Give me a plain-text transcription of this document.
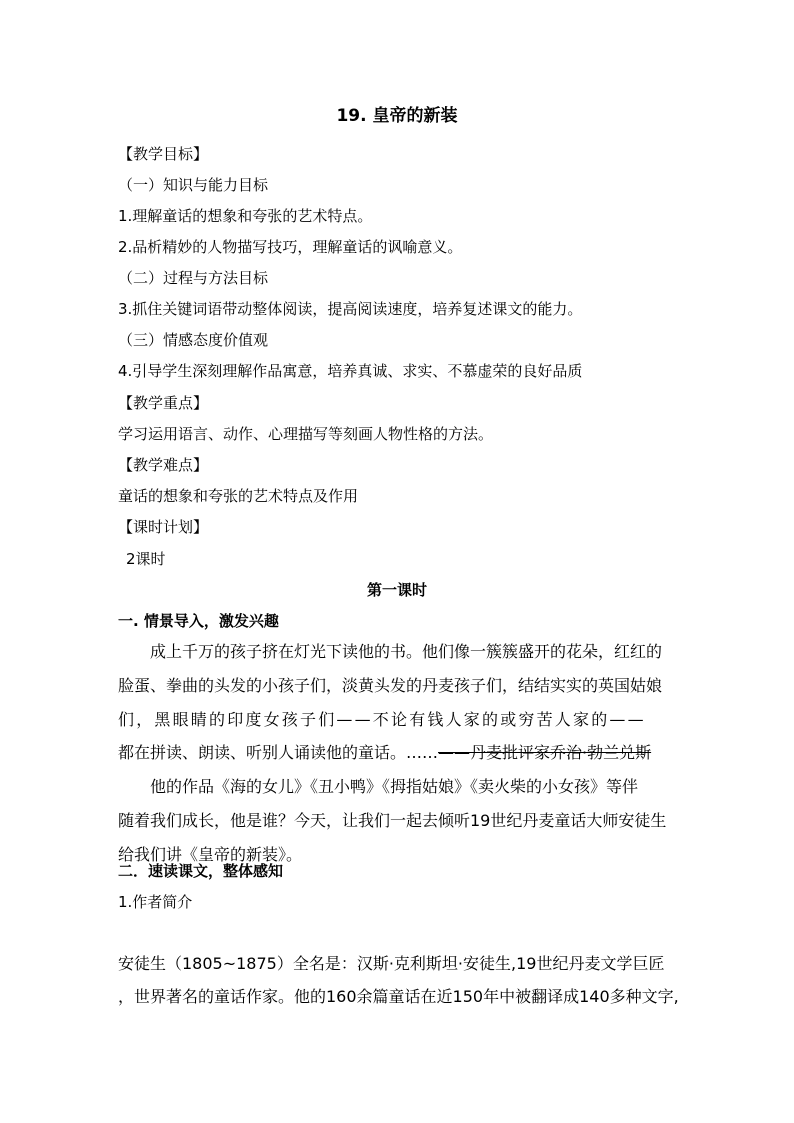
19. 皇帝的新装
【教学目标】
（一）知识与能力目标
1.理解童话的想象和夸张的艺术特点。
2.品析精妙的人物描写技巧，理解童话的讽喻意义。
（二）过程与方法目标
3.抓住关键词语带动整体阅读，提高阅读速度，培养复述课文的能力。
（三）情感态度价值观
4.引导学生深刻理解作品寓意，培养真诚、求实、不慕虚荣的良好品质
【教学重点】
学习运用语言、动作、心理描写等刻画人物性格的方法。
【教学难点】
童话的想象和夸张的艺术特点及作用
【课时计划】
2课时
第一课时
一. 情景导入，激发兴趣
成上千万的孩子挤在灯光下读他的书。他们像一簇簇盛开的花朵，红红的
脸蛋、拳曲的头发的小孩子们，淡黄头发的丹麦孩子们，结结实实的英国姑娘
们，黑眼睛的印度女孩子们——不论有钱人家的或穷苦人家的——
都在拼读、朗读、听别人诵读他的童话。……——丹麦批评家乔治·勃兰兑斯
他的作品《海的女儿》《丑小鸭》《拇指姑娘》《卖火柴的小女孩》等伴
随着我们成长，他是谁？今天，让我们一起去倾听19世纪丹麦童话大师安徒生
给我们讲《皇帝的新装》。
二．速读课文，整体感知
1.作者简介
安徒生（1805~1875）全名是：汉斯·克利斯坦·安徒生,19世纪丹麦文学巨匠
，世界著名的童话作家。他的160余篇童话在近150年中被翻译成140多种文字,
